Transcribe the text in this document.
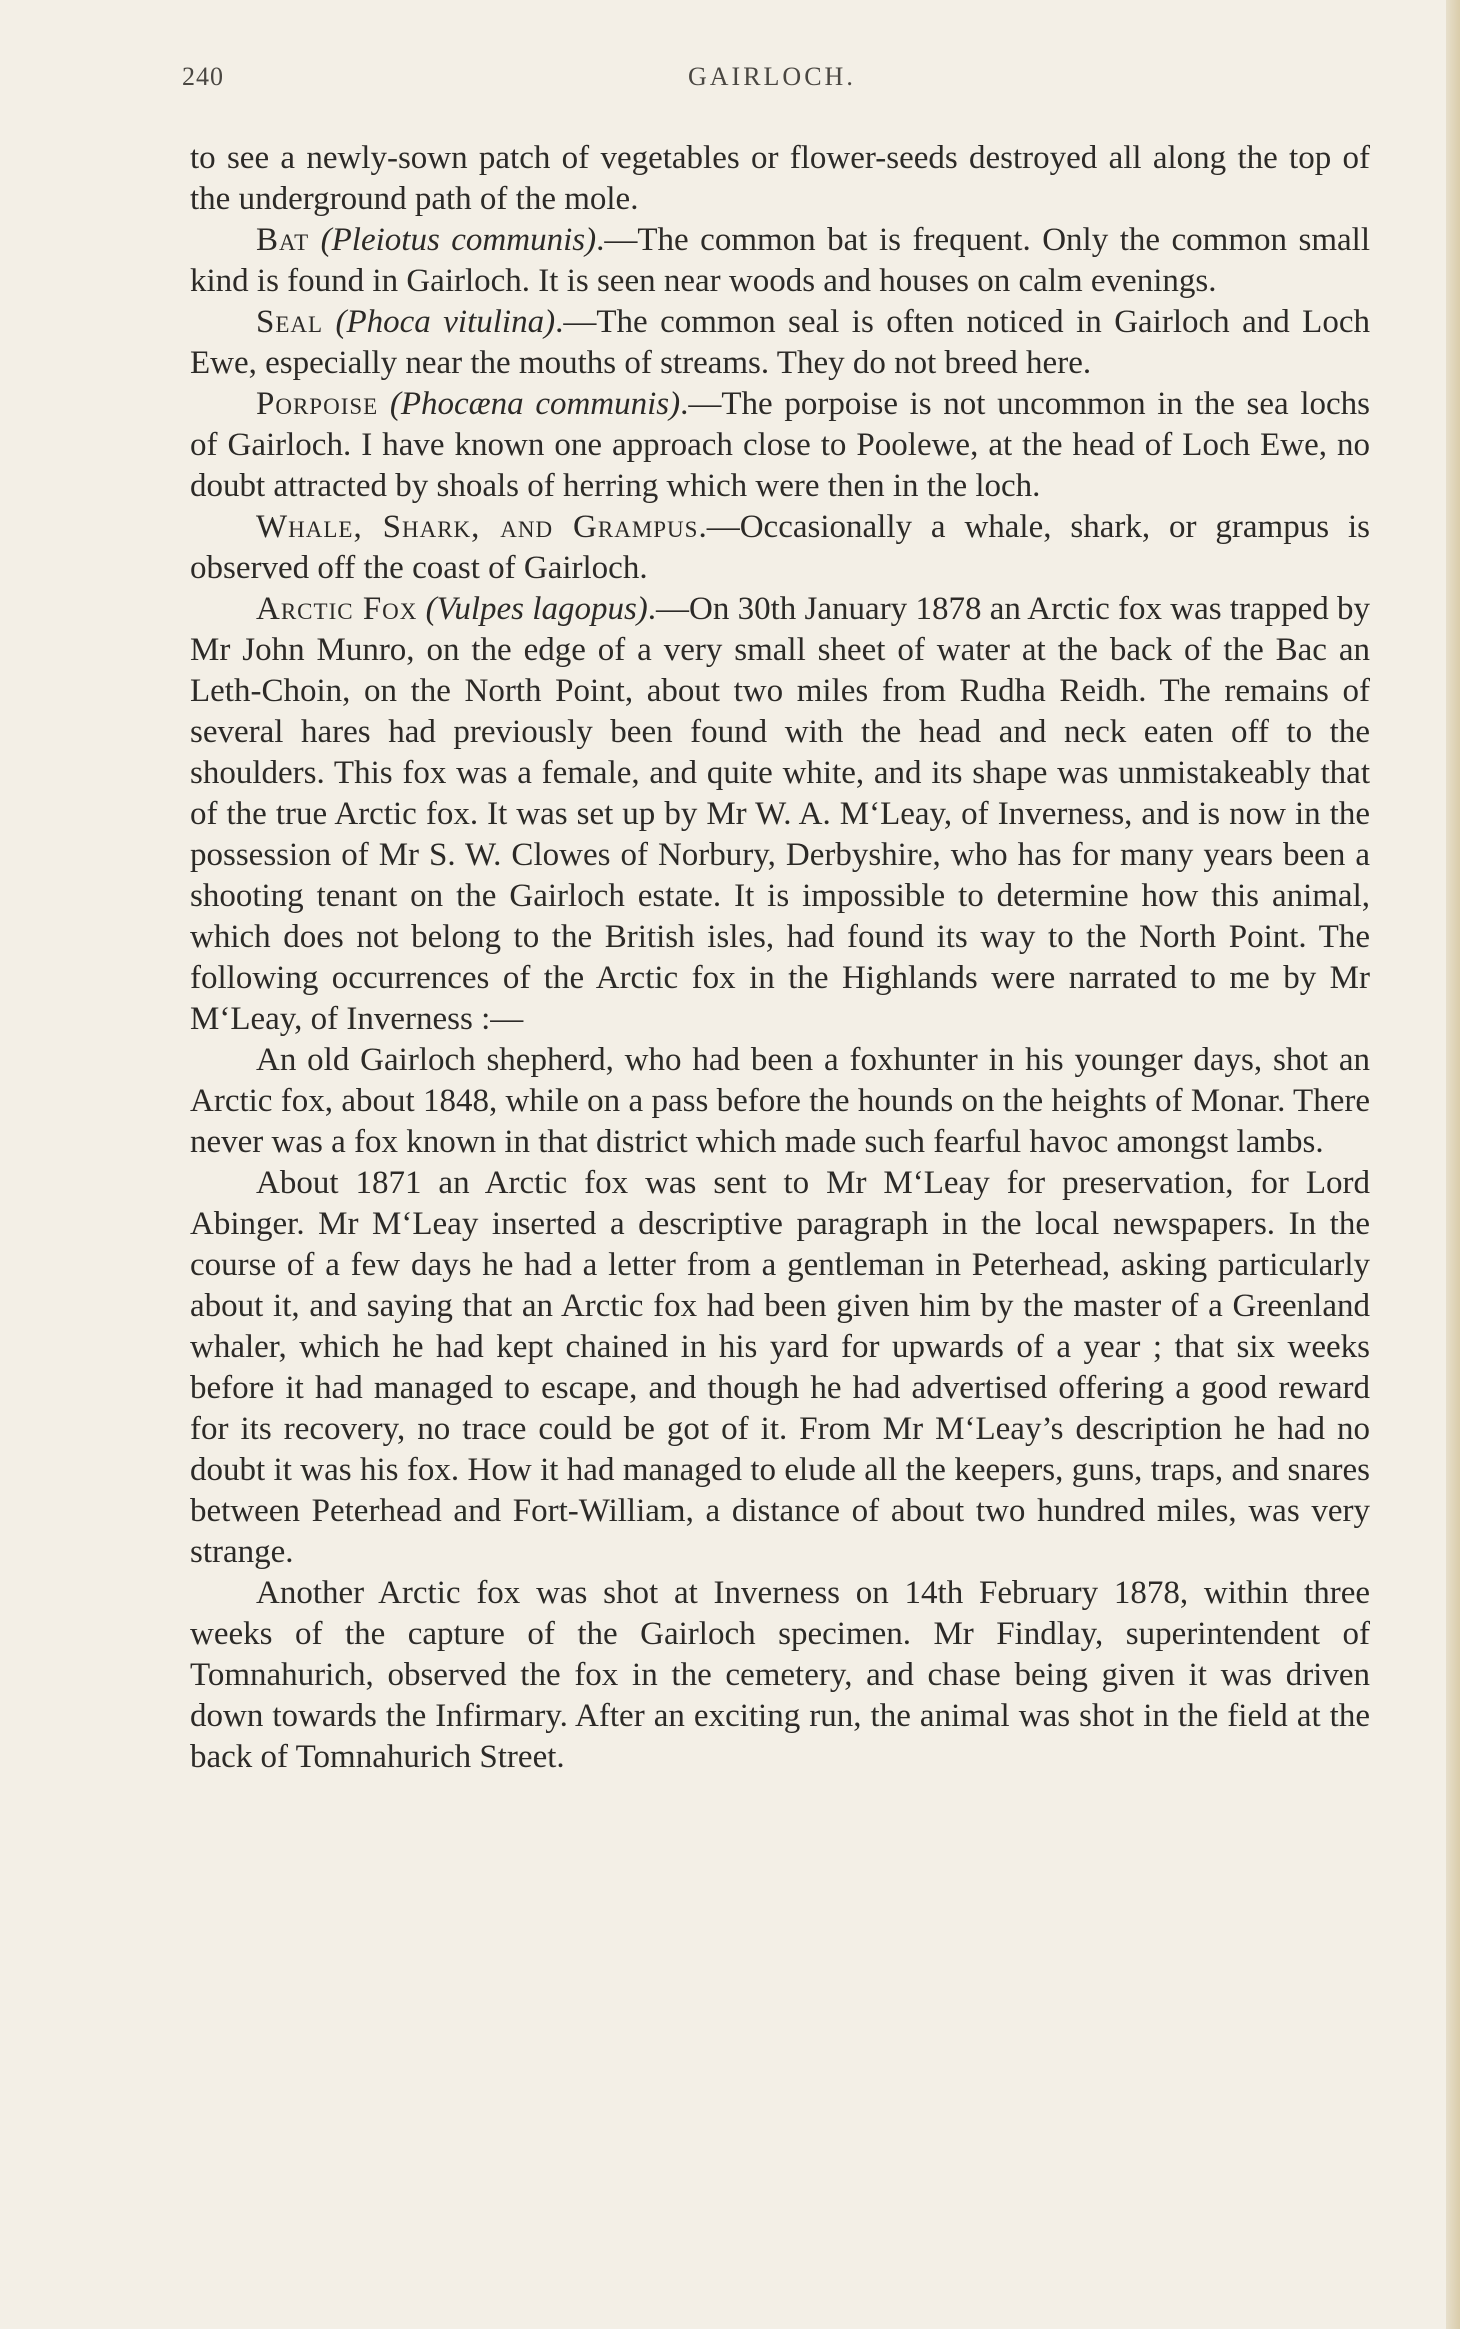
240	GAIRLOCH.

to see a newly-sown patch of vegetables or flower-seeds destroyed all along the top of the underground path of the mole.

Bat (Pleiotus communis).—The common bat is frequent. Only the common small kind is found in Gairloch. It is seen near woods and houses on calm evenings.

Seal (Phoca vitulina).—The common seal is often noticed in Gairloch and Loch Ewe, especially near the mouths of streams. They do not breed here.

Porpoise (Phocæna communis).—The porpoise is not uncommon in the sea lochs of Gairloch. I have known one approach close to Poolewe, at the head of Loch Ewe, no doubt attracted by shoals of herring which were then in the loch.

Whale, Shark, and Grampus.—Occasionally a whale, shark, or grampus is observed off the coast of Gairloch.

Arctic Fox (Vulpes lagopus).—On 30th January 1878 an Arctic fox was trapped by Mr John Munro, on the edge of a very small sheet of water at the back of the Bac an Leth-Choin, on the North Point, about two miles from Rudha Reidh. The remains of several hares had previously been found with the head and neck eaten off to the shoulders. This fox was a female, and quite white, and its shape was unmistakeably that of the true Arctic fox. It was set up by Mr W. A. M‘Leay, of Inverness, and is now in the possession of Mr S. W. Clowes of Norbury, Derbyshire, who has for many years been a shooting tenant on the Gairloch estate. It is impossible to determine how this animal, which does not belong to the British isles, had found its way to the North Point. The following occurrences of the Arctic fox in the Highlands were narrated to me by Mr M‘Leay, of Inverness :—

An old Gairloch shepherd, who had been a foxhunter in his younger days, shot an Arctic fox, about 1848, while on a pass before the hounds on the heights of Monar. There never was a fox known in that district which made such fearful havoc amongst lambs.

About 1871 an Arctic fox was sent to Mr M‘Leay for preservation, for Lord Abinger. Mr M‘Leay inserted a descriptive paragraph in the local newspapers. In the course of a few days he had a letter from a gentleman in Peterhead, asking particularly about it, and saying that an Arctic fox had been given him by the master of a Greenland whaler, which he had kept chained in his yard for upwards of a year ; that six weeks before it had managed to escape, and though he had advertised offering a good reward for its recovery, no trace could be got of it. From Mr M‘Leay’s description he had no doubt it was his fox. How it had managed to elude all the keepers, guns, traps, and snares between Peterhead and Fort-William, a distance of about two hundred miles, was very strange.

Another Arctic fox was shot at Inverness on 14th February 1878, within three weeks of the capture of the Gairloch specimen. Mr Findlay, superintendent of Tomnahurich, observed the fox in the cemetery, and chase being given it was driven down towards the Infirmary. After an exciting run, the animal was shot in the field at the back of Tomnahurich Street.
